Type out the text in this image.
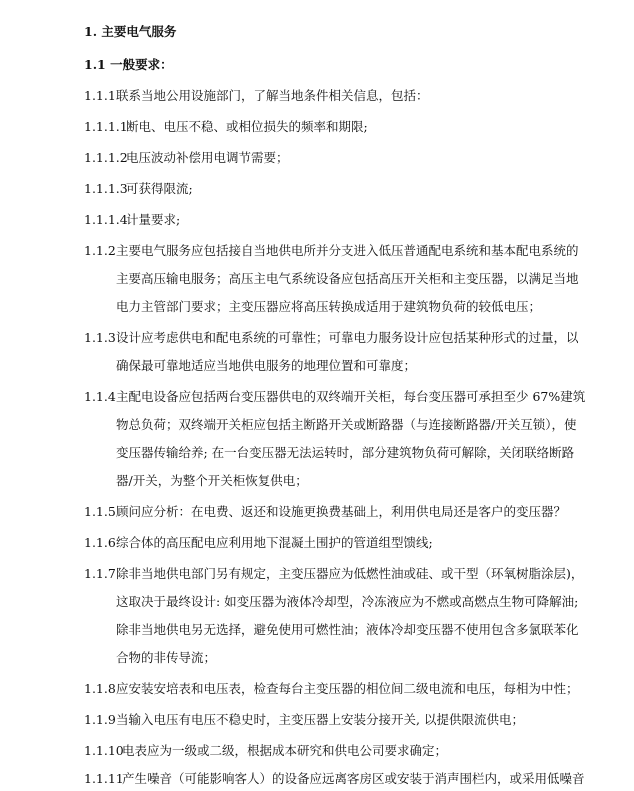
1. 主要电气服务
1.1 一般要求：
1.1.1 联系当地公用设施部门，了解当地条件相关信息，包括：
1.1.1.1
断电、电压不稳、或相位损失的频率和期限;
1.1.1.2
电压波动补偿用电调节需要；
1.1.1.3
可获得限流;
1.1.1.4
计量要求;
1.1.2 主要电气服务应包括接自当地供电所并分支进入低压普通配电系统和基本配电系统的
主要高压输电服务；高压主电气系统设备应包括高压开关柜和主变压器，以满足当地
电力主管部门要求；主变压器应将高压转换成适用于建筑物负荷的较低电压；
1.1.3 设计应考虑供电和配电系统的可靠性；可靠电力服务设计应包括某种形式的过量，以
确保最可靠地适应当地供电服务的地理位置和可靠度；
1.1.4 主配电设备应包括两台变压器供电的双终端开关柜，每台变压器可承担至少 67%建筑
物总负荷；双终端开关柜应包括主断路开关或断路器（与连接断路器/开关互锁），使
变压器传输给养; 在一台变压器无法运转时，部分建筑物负荷可解除，关闭联络断路
器/开关，为整个开关柜恢复供电；
1.1.5 顾问应分析：在电费、返还和设施更换费基础上，利用供电局还是客户的变压器？
1.1.6 综合体的高压配电应利用地下混凝土围护的管道组型馈线;
1.1.7 除非当地供电部门另有规定，主变压器应为低燃性油或硅、或干型（环氧树脂涂层)，
这取决于最终设计: 如变压器为液体冷却型，冷冻液应为不燃或高燃点生物可降解油;
除非当地供电另无选择，避免使用可燃性油；液体冷却变压器不使用包含多氯联苯化
合物的非传导流；
1.1.8 应安装安培表和电压表，检查每台主变压器的相位间二级电流和电压，每相为中性；
1.1.9 当输入电压有电压不稳史时，主变压器上安装分接开关, 以提供限流供电；
1.1.10
电表应为一级或二级，根据成本研究和供电公司要求确定；
1.1.11
产生噪音（可能影响客人）的设备应远离客房区或安装于消声围栏内，或采用低噪音
